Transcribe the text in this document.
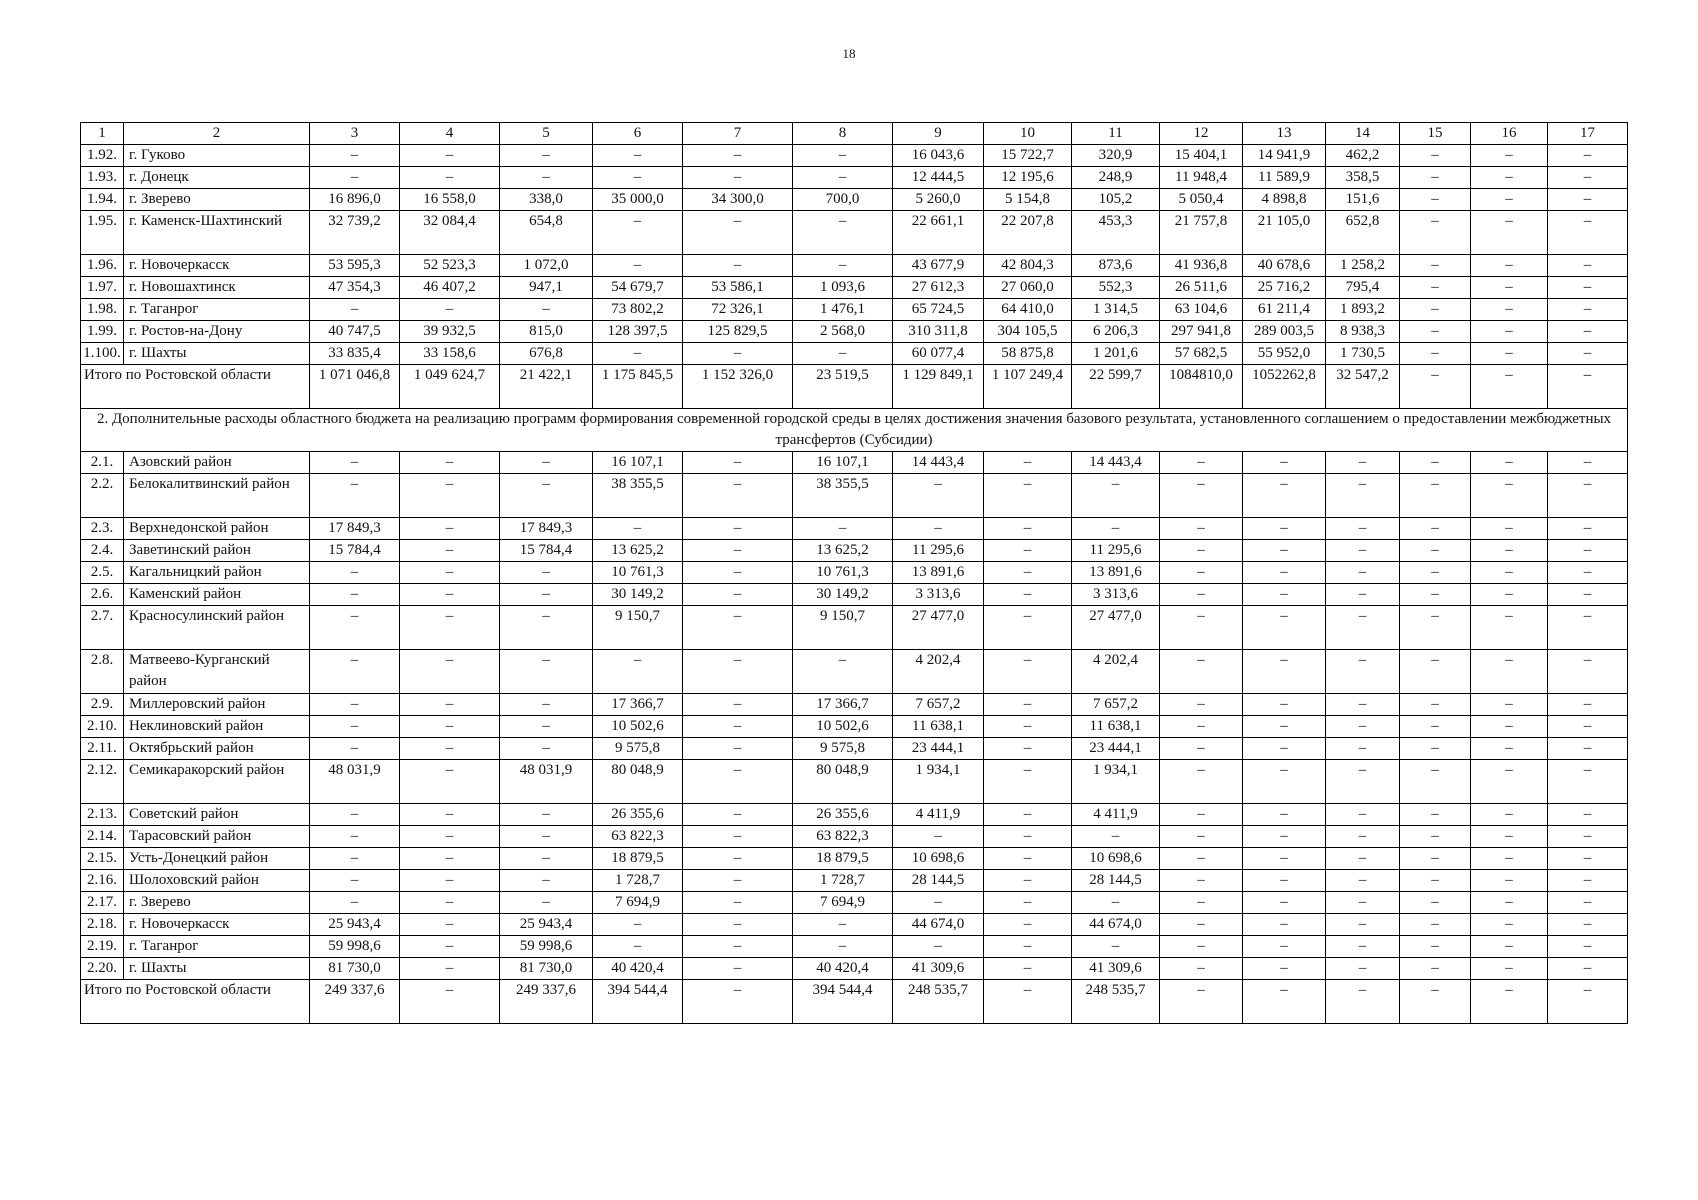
18
1	2	3	4	5	6	7	8	9	10	11	12	13	14	15	16	17
1.92.	г. Гуково	–	–	–	–	–	–	16 043,6	15 722,7	320,9	15 404,1	14 941,9	462,2	–	–	–
1.93.	г. Донецк	–	–	–	–	–	–	12 444,5	12 195,6	248,9	11 948,4	11 589,9	358,5	–	–	–
1.94.	г. Зверево	16 896,0	16 558,0	338,0	35 000,0	34 300,0	700,0	5 260,0	5 154,8	105,2	5 050,4	4 898,8	151,6	–	–	–
1.95.	г. Каменск-Шахтинский	32 739,2	32 084,4	654,8	–	–	–	22 661,1	22 207,8	453,3	21 757,8	21 105,0	652,8	–	–	–
1.96.	г. Новочеркасск	53 595,3	52 523,3	1 072,0	–	–	–	43 677,9	42 804,3	873,6	41 936,8	40 678,6	1 258,2	–	–	–
1.97.	г. Новошахтинск	47 354,3	46 407,2	947,1	54 679,7	53 586,1	1 093,6	27 612,3	27 060,0	552,3	26 511,6	25 716,2	795,4	–	–	–
1.98.	г. Таганрог	–	–	–	73 802,2	72 326,1	1 476,1	65 724,5	64 410,0	1 314,5	63 104,6	61 211,4	1 893,2	–	–	–
1.99.	г. Ростов-на-Дону	40 747,5	39 932,5	815,0	128 397,5	125 829,5	2 568,0	310 311,8	304 105,5	6 206,3	297 941,8	289 003,5	8 938,3	–	–	–
1.100.	г. Шахты	33 835,4	33 158,6	676,8	–	–	–	60 077,4	58 875,8	1 201,6	57 682,5	55 952,0	1 730,5	–	–	–
Итого по Ростовской области		1 071 046,8	1 049 624,7	21 422,1	1 175 845,5	1 152 326,0	23 519,5	1 129 849,1	1 107 249,4	22 599,7	1084810,0	1052262,8	32 547,2	–	–	–
2. Дополнительные расходы областного бюджета на реализацию программ формирования современной городской среды в целях достижения значения базового результата, установленного соглашением о предоставлении межбюджетных трансфертов (Субсидии)																
2.1.	Азовский район	–	–	–	16 107,1	–	16 107,1	14 443,4	–	14 443,4	–	–	–	–	–	–
2.2.	Белокалитвинский район	–	–	–	38 355,5	–	38 355,5	–	–	–	–	–	–	–	–	–
2.3.	Верхнедонской район	17 849,3	–	17 849,3	–	–	–	–	–	–	–	–	–	–	–	–
2.4.	Заветинский район	15 784,4	–	15 784,4	13 625,2	–	13 625,2	11 295,6	–	11 295,6	–	–	–	–	–	–
2.5.	Кагальницкий район	–	–	–	10 761,3	–	10 761,3	13 891,6	–	13 891,6	–	–	–	–	–	–
2.6.	Каменский район	–	–	–	30 149,2	–	30 149,2	3 313,6	–	3 313,6	–	–	–	–	–	–
2.7.	Красносулинский район	–	–	–	9 150,7	–	9 150,7	27 477,0	–	27 477,0	–	–	–	–	–	–
2.8.	Матвеево-Курганский район	–	–	–	–	–	–	4 202,4	–	4 202,4	–	–	–	–	–	–
2.9.	Миллеровский район	–	–	–	17 366,7	–	17 366,7	7 657,2	–	7 657,2	–	–	–	–	–	–
2.10.	Неклиновский район	–	–	–	10 502,6	–	10 502,6	11 638,1	–	11 638,1	–	–	–	–	–	–
2.11.	Октябрьский район	–	–	–	9 575,8	–	9 575,8	23 444,1	–	23 444,1	–	–	–	–	–	–
2.12.	Семикаракорский район	48 031,9	–	48 031,9	80 048,9	–	80 048,9	1 934,1	–	1 934,1	–	–	–	–	–	–
2.13.	Советский район	–	–	–	26 355,6	–	26 355,6	4 411,9	–	4 411,9	–	–	–	–	–	–
2.14.	Тарасовский район	–	–	–	63 822,3	–	63 822,3	–	–	–	–	–	–	–	–	–
2.15.	Усть-Донецкий район	–	–	–	18 879,5	–	18 879,5	10 698,6	–	10 698,6	–	–	–	–	–	–
2.16.	Шолоховский район	–	–	–	1 728,7	–	1 728,7	28 144,5	–	28 144,5	–	–	–	–	–	–
2.17.	г. Зверево	–	–	–	7 694,9	–	7 694,9	–	–	–	–	–	–	–	–	–
2.18.	г. Новочеркасск	25 943,4	–	25 943,4	–	–	–	44 674,0	–	44 674,0	–	–	–	–	–	–
2.19.	г. Таганрог	59 998,6	–	59 998,6	–	–	–	–	–	–	–	–	–	–	–	–
2.20.	г. Шахты	81 730,0	–	81 730,0	40 420,4	–	40 420,4	41 309,6	–	41 309,6	–	–	–	–	–	–
Итого по Ростовской области		249 337,6	–	249 337,6	394 544,4	–	394 544,4	248 535,7	–	248 535,7	–	–	–	–	–	–
